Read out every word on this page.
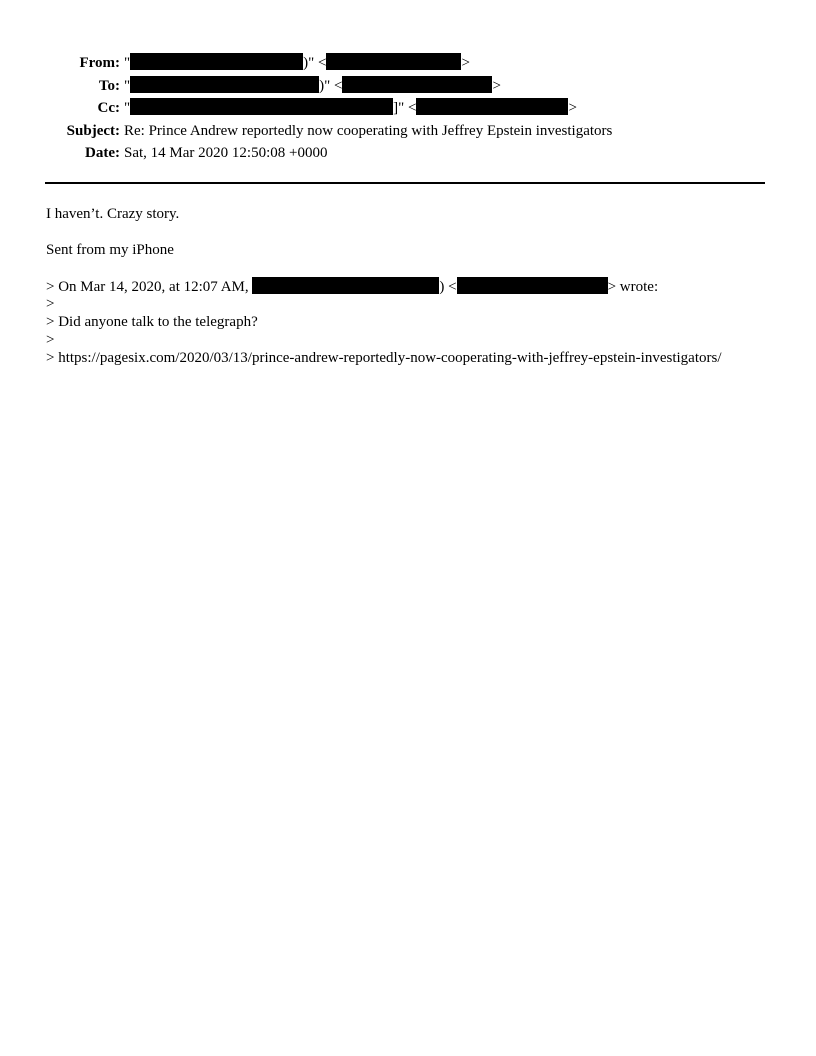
From: "	)" <	>
To: "	)" <	>
Cc: "	]" <	>
Subject: Re: Prince Andrew reportedly now cooperating with Jeffrey Epstein investigators
Date: Sat, 14 Mar 2020 12:50:08 +0000
I haven’t. Crazy story.
Sent from my iPhone
> On Mar 14, 2020, at 12:07 AM,	) <	> wrote:
>
> Did anyone talk to the telegraph?
>
> https://pagesix.com/2020/03/13/prince-andrew-reportedly-now-cooperating-with-jeffrey-epstein-investigators/
